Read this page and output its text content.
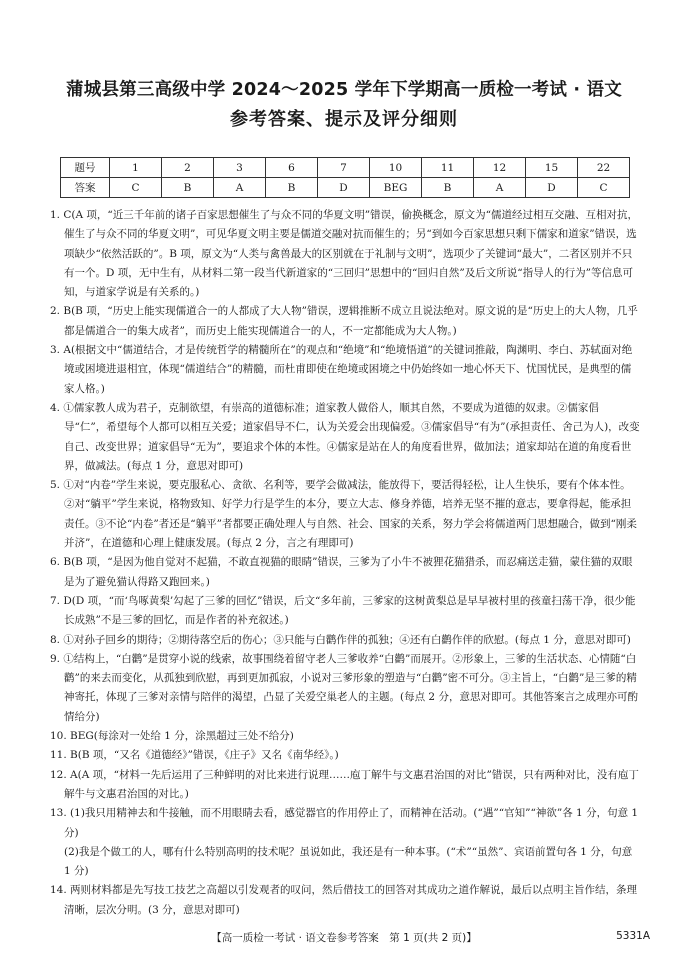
蒲城县第三高级中学 2024～2025 学年下学期高一质检一考试 · 语文
参考答案、提示及评分细则
题号	1	2	3	6	7	10	11	12	15	22
答案	C	B	A	B	D	BEG	B	A	D	C

1. C(A 项，“近三千年前的诸子百家思想催生了与众不同的华夏文明”错误，偷换概念，原文为“儒道经过相互交融、互相对抗，催生了与众不同的华夏文明”，可见华夏文明主要是儒道交融对抗而催生的；另“到如今百家思想只剩下儒家和道家”错误，选项缺少“依然活跃的”。B 项，原文为“人类与禽兽最大的区别就在于礼制与文明”，选项少了关键词“最大”，二者区别并不只有一个。D 项，无中生有，从材料二第一段当代新道家的“三回归”思想中的“回归自然”及后文所说“指导人的行为”等信息可知，与道家学说是有关系的。)

2. B(B 项，“历史上能实现儒道合一的人都成了大人物”错误，逻辑推断不成立且说法绝对。原文说的是“历史上的大人物，几乎都是儒道合一的集大成者”，而历史上能实现儒道合一的人，不一定都能成为大人物。)

3. A(根据文中“儒道结合，才是传统哲学的精髓所在”的观点和“绝境”和“绝境悟道”的关键词推敲，陶渊明、李白、苏轼面对绝境或困境进退相宜，体现“儒道结合”的精髓，而杜甫即使在绝境或困境之中仍始终如一地心怀天下、忧国忧民，是典型的儒家人格。)

4. ①儒家教人成为君子，克制欲望，有崇高的道德标准；道家教人做俗人，顺其自然，不要成为道德的奴隶。②儒家倡导“仁”，希望每个人都可以相互关爱；道家倡导不仁，认为关爱会出现偏爱。③儒家倡导“有为”(承担责任、舍己为人)，改变自己、改变世界；道家倡导“无为”，要追求个体的本性。④儒家是站在人的角度看世界，做加法；道家却站在道的角度看世界，做减法。(每点 1 分，意思对即可)

5. ①对“内卷”学生来说，要克服私心、贪欲、名利等，要学会做减法，能放得下，要活得轻松，让人生快乐，要有个体本性。②对“躺平”学生来说，格物致知、好学力行是学生的本分，要立大志、修身养德，培养无坚不摧的意志，要拿得起，能承担责任。③不论“内卷”者还是“躺平”者都要正确处理人与自然、社会、国家的关系，努力学会将儒道两门思想融合，做到“刚柔并济”，在道德和心理上健康发展。(每点 2 分，言之有理即可)

6. B(B 项，“是因为他自觉对不起猫，不敢直视猫的眼睛”错误，三爹为了小牛不被狸花猫猎杀，而忍痛送走猫，蒙住猫的双眼是为了避免猫认得路又跑回来。)

7. D(D 项，“而‘鸟啄黄梨’勾起了三爹的回忆”错误，后文“多年前，三爹家的这树黄梨总是早早被村里的孩童扫荡干净，很少能长成熟”不是三爹的回忆，而是作者的补充叙述。)

8. ①对孙子回乡的期待；②期待落空后的伤心；③只能与白鹳作伴的孤独；④还有白鹳作伴的欣慰。(每点 1 分，意思对即可)

9. ①结构上，“白鹳”是贯穿小说的线索，故事围绕着留守老人三爹收养“白鹳”而展开。②形象上，三爹的生活状态、心情随“白鹳”的来去而变化，从孤独到欣慰，再到更加孤寂，小说对三爹形象的塑造与“白鹳”密不可分。③主旨上，“白鹳”是三爹的精神寄托，体现了三爹对亲情与陪伴的渴望，凸显了关爱空巢老人的主题。(每点 2 分，意思对即可。其他答案言之成理亦可酌情给分)

10. BEG(每涂对一处给 1 分，涂黑超过三处不给分)

11. B(B 项，“又名《道德经》”错误，《庄子》又名《南华经》。)

12. A(A 项，“材料一先后运用了三种鲜明的对比来进行说理……庖丁解牛与文惠君治国的对比”错误，只有两种对比，没有庖丁解牛与文惠君治国的对比。)

13. (1)我只用精神去和牛接触，而不用眼睛去看，感觉器官的作用停止了，而精神在活动。(“遇”“官知”“神欲”各 1 分，句意 1 分)

(2)我是个做工的人，哪有什么特别高明的技术呢？虽说如此，我还是有一种本事。(“术”“虽然”、宾语前置句各 1 分，句意 1 分)

14. 两则材料都是先写技工技艺之高超以引发观者的叹问，然后借技工的回答对其成功之道作解说，最后以点明主旨作结，条理清晰，层次分明。(3 分，意思对即可)

【高一质检一考试 · 语文卷参考答案　第 1 页(共 2 页)】	5331A
